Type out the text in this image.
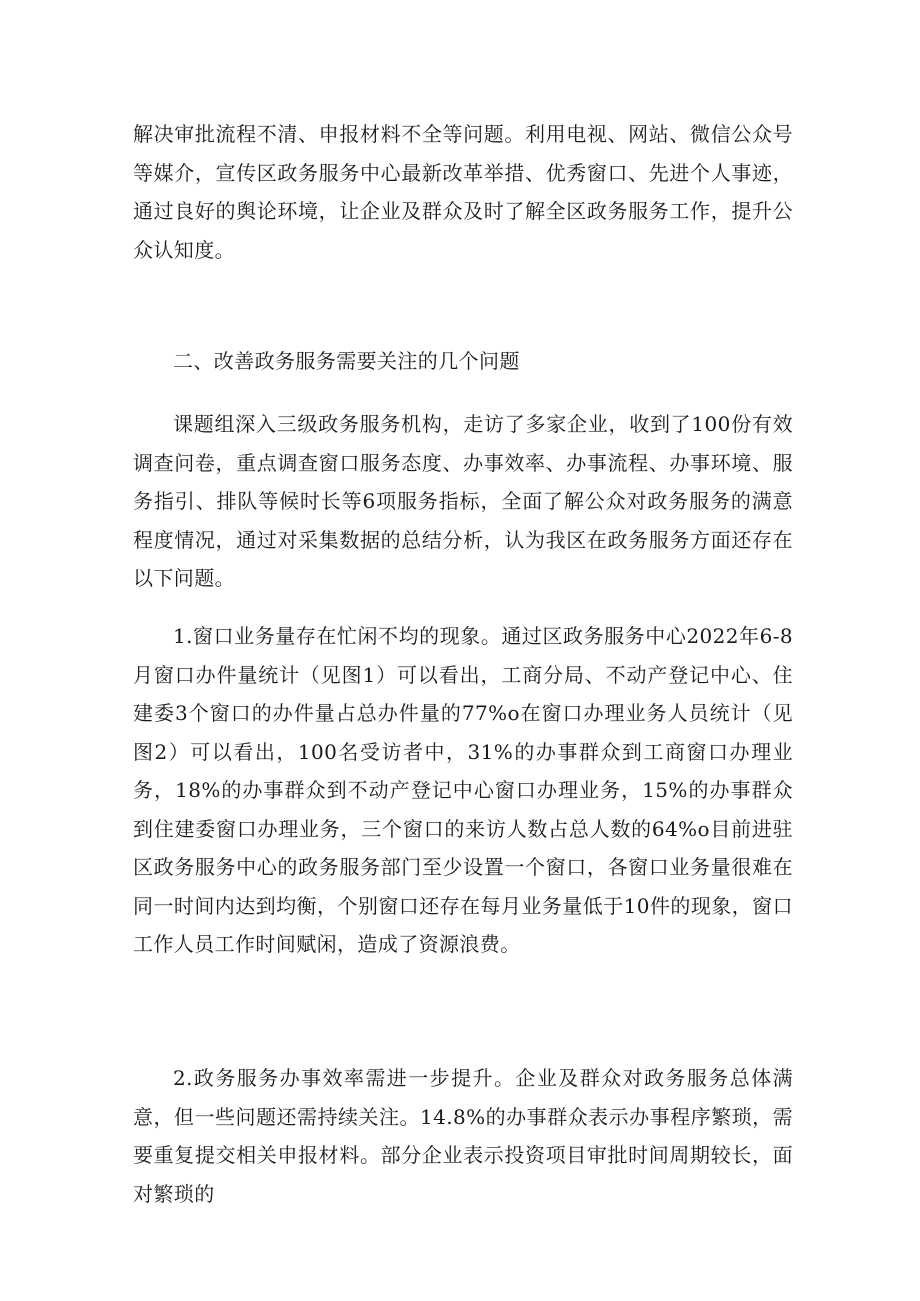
解决审批流程不清、申报材料不全等问题。利用电视、网站、微信公众号等媒介，宣传区政务服务中心最新改革举措、优秀窗口、先进个人事迹，通过良好的舆论环境，让企业及群众及时了解全区政务服务工作，提升公众认知度。

二、改善政务服务需要关注的几个问题

课题组深入三级政务服务机构，走访了多家企业，收到了100份有效调查问卷，重点调查窗口服务态度、办事效率、办事流程、办事环境、服务指引、排队等候时长等6项服务指标，全面了解公众对政务服务的满意程度情况，通过对采集数据的总结分析，认为我区在政务服务方面还存在以下问题。

1.窗口业务量存在忙闲不均的现象。通过区政务服务中心2022年6-8月窗口办件量统计（见图1）可以看出，工商分局、不动产登记中心、住建委3个窗口的办件量占总办件量的77%o在窗口办理业务人员统计（见图2）可以看出，100名受访者中，31%的办事群众到工商窗口办理业务，18%的办事群众到不动产登记中心窗口办理业务，15%的办事群众到住建委窗口办理业务，三个窗口的来访人数占总人数的64%o目前进驻区政务服务中心的政务服务部门至少设置一个窗口，各窗口业务量很难在同一时间内达到均衡，个别窗口还存在每月业务量低于10件的现象，窗口工作人员工作时间赋闲，造成了资源浪费。

2.政务服务办事效率需进一步提升。企业及群众对政务服务总体满意，但一些问题还需持续关注。14.8%的办事群众表示办事程序繁琐，需要重复提交相关申报材料。部分企业表示投资项目审批时间周期较长，面对繁琐的
